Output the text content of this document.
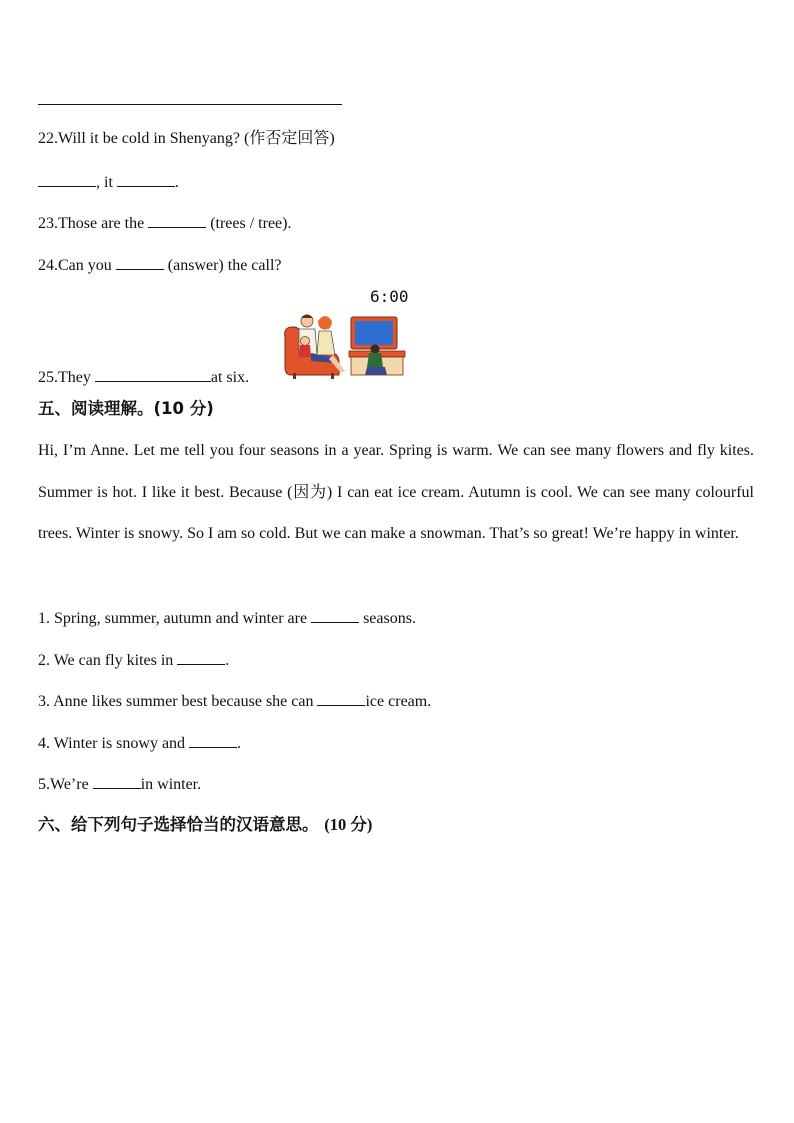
22.Will it be cold in Shenyang? (作否定回答)
, it	.
23.Those are the	(trees / tree).
24.Can you	(answer) the call?
6:00
25.They	at six.
五、阅读理解。(10 分)
Hi, I’m Anne. Let me tell you four seasons in a year. Spring is warm. We can see many flowers and fly kites. Summer is hot. I like it best. Because (因为) I can eat ice cream. Autumn is cool. We can see many colourful trees. Winter is snowy. So I am so cold. But we can make a snowman. That’s so great! We’re happy in winter.
1. Spring, summer, autumn and winter are	seasons.
2. We can fly kites in	.
3. Anne likes summer best because she can	ice cream.
4. Winter is snowy and	.
5.We’re	in winter.
六、给下列句子选择恰当的汉语意思。 (10 分)
